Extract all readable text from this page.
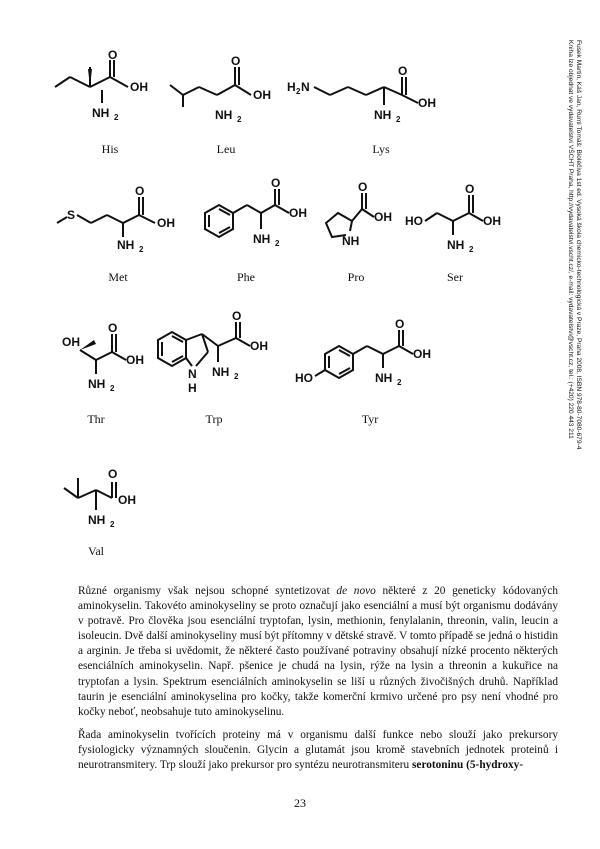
Fusek Martin, Káš Jan, Ruml Tomáš: Bioléčiva 1st ed. Vysoká škola chemicko-technologická v Praze, Praha 2008, ISBN 978-80-7080-679-4
Kniha lze objednat ve vydavatelství VŠCHT Praha, http://vydavatelstvi.vscht.cz/, e-mail: vydavatelstvi@vscht.cz, tel.: (+420) 220 443 211

OH
O
NH 2
His
O
OH
NH 2
Leu
H 2 N
O
OH
NH 2
Lys
S
O
OH
NH 2
Met
O
OH
NH 2
Phe
O
OH
NH
Pro
HO
O
OH
NH 2
Ser
OH
O
OH
NH 2
Thr
N
H
O
OH
NH 2
Trp
HO
O
OH
NH 2
Tyr
O
OH
NH 2
Val

Různé organismy však nejsou schopné syntetizovat de novo některé z 20 geneticky kódovaných aminokyselin. Takovéto aminokyseliny se proto označují jako esenciální a musí být organismu dodávány v potravě. Pro člověka jsou esenciální tryptofan, lysin, methionin, fenylalanin, threonin, valin, leucin a isoleucin. Dvě další aminokyseliny musí být přítomny v dětské stravě. V tomto případě se jedná o histidin a arginin. Je třeba si uvědomit, že některé často používané potraviny obsahují nízké procento některých esenciálních aminokyselin. Např. pšenice je chudá na lysin, rýže na lysin a threonin a kukuřice na tryptofan a lysin. Spektrum esenciálních aminokyselin se liší u různých živočišných druhů. Například taurin je esenciální aminokyselina pro kočky, takže komerční krmivo určené pro psy není vhodné pro kočky neboť, neobsahuje tuto aminokyselinu.

Řada aminokyselin tvořících proteiny má v organismu další funkce nebo slouží jako prekursory fysiologicky významných sloučenin. Glycin a glutamát jsou kromě stavebních jednotek proteinů i neurotransmitery. Trp slouží jako prekursor pro syntézu neurotransmiteru serotoninu (5-hydroxy-

23
